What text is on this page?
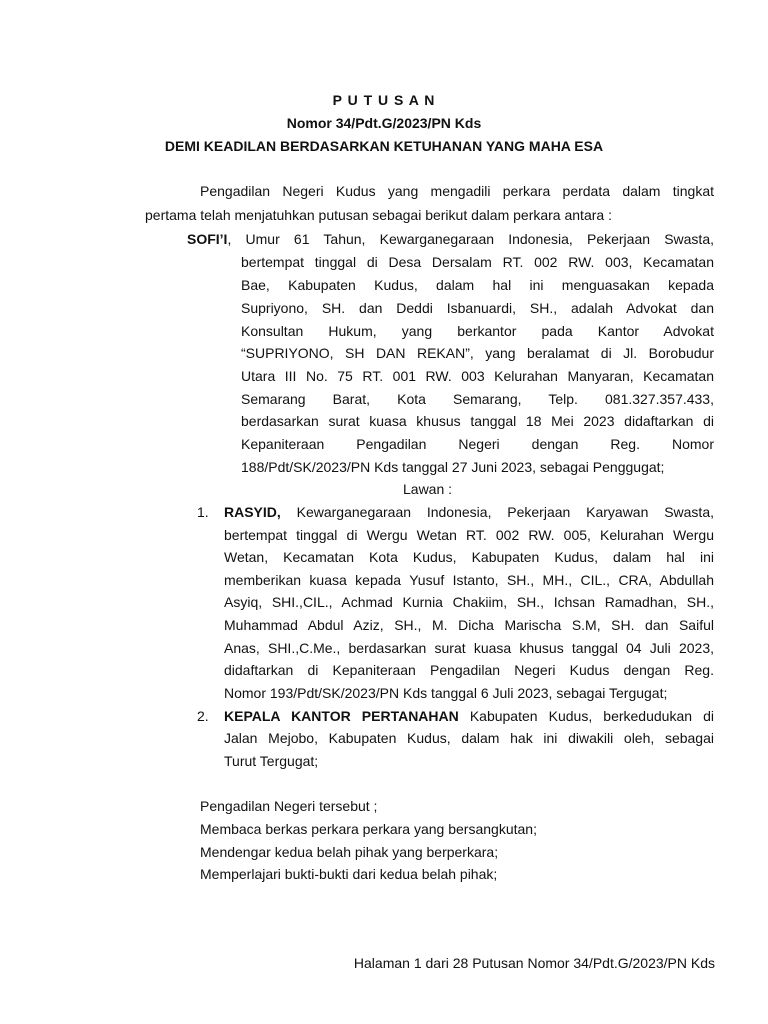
P U T U S A N
Nomor 34/Pdt.G/2023/PN Kds
DEMI KEADILAN BERDASARKAN KETUHANAN YANG MAHA ESA
Pengadilan Negeri Kudus yang mengadili perkara perdata dalam tingkat
pertama telah menjatuhkan putusan sebagai berikut dalam perkara antara :
SOFI’I, Umur 61 Tahun, Kewarganegaraan Indonesia, Pekerjaan Swasta,
bertempat tinggal di Desa Dersalam RT. 002 RW. 003, Kecamatan
Bae, Kabupaten Kudus, dalam hal ini menguasakan kepada
Supriyono, SH. dan Deddi Isbanuardi, SH., adalah Advokat dan
Konsultan Hukum, yang berkantor pada Kantor Advokat
“SUPRIYONO, SH DAN REKAN”, yang beralamat di Jl. Borobudur
Utara III No. 75 RT. 001 RW. 003 Kelurahan Manyaran, Kecamatan
Semarang Barat, Kota Semarang, Telp. 081.327.357.433,
berdasarkan surat kuasa khusus tanggal 18 Mei 2023 didaftarkan di
Kepaniteraan Pengadilan Negeri dengan Reg. Nomor
188/Pdt/SK/2023/PN Kds tanggal 27 Juni 2023, sebagai Penggugat;
Lawan :
1. RASYID, Kewarganegaraan Indonesia, Pekerjaan Karyawan Swasta,
bertempat tinggal di Wergu Wetan RT. 002 RW. 005, Kelurahan Wergu
Wetan, Kecamatan Kota Kudus, Kabupaten Kudus, dalam hal ini
memberikan kuasa kepada Yusuf Istanto, SH., MH., CIL., CRA, Abdullah
Asyiq, SHI.,CIL., Achmad Kurnia Chakiim, SH., Ichsan Ramadhan, SH.,
Muhammad Abdul Aziz, SH., M. Dicha Marischa S.M, SH. dan Saiful
Anas, SHI.,C.Me., berdasarkan surat kuasa khusus tanggal 04 Juli 2023,
didaftarkan di Kepaniteraan Pengadilan Negeri Kudus dengan Reg.
Nomor 193/Pdt/SK/2023/PN Kds tanggal 6 Juli 2023, sebagai Tergugat;
2. KEPALA KANTOR PERTANAHAN Kabupaten Kudus, berkedudukan di
Jalan Mejobo, Kabupaten Kudus, dalam hak ini diwakili oleh, sebagai
Turut Tergugat;
Pengadilan Negeri tersebut ;
Membaca berkas perkara perkara yang bersangkutan;
Mendengar kedua belah pihak yang berperkara;
Memperlajari bukti-bukti dari kedua belah pihak;
Halaman 1 dari 28 Putusan Nomor 34/Pdt.G/2023/PN Kds
